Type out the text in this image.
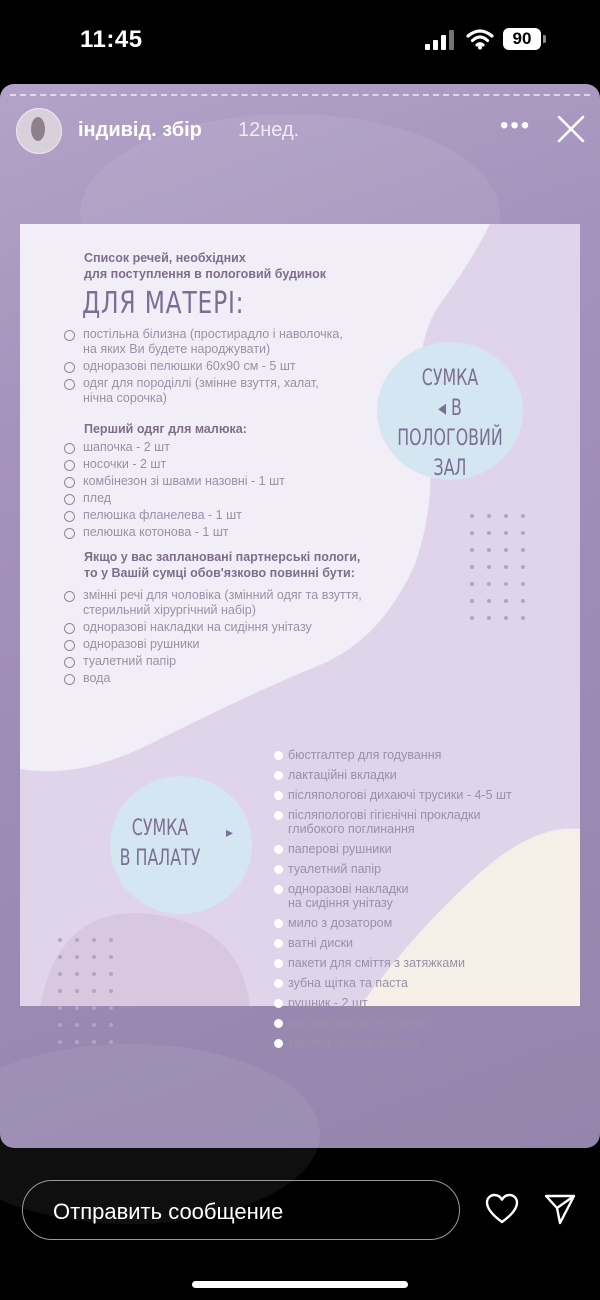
11:45	90
індивід. збір 12нед.	•••
Список речей, необхідних
для поступлення в пологовий будинок
ДЛЯ МАТЕРІ:
постільна білизна (простирадло і наволочка,
на яких Ви будете народжувати)
одноразові пелюшки 60х90 см - 5 шт
одяг для породіллі (змінне взуття, халат,
нічна сорочка)
Перший одяг для малюка:
шапочка - 2 шт
носочки - 2 шт
комбінезон зі швами назовні - 1 шт
плед
пелюшка фланелева - 1 шт
пелюшка котонова - 1 шт
Якщо у вас заплановані партнерські пологи,
то у Вашій сумці обов'язково повинні бути:
змінні речі для чоловіка (змінний одяг та взуття,
стерильний хірургічний набір)
одноразові накладки на сидіння унітазу
одноразові рушники
туалетний папір
вода
СУМКА
◂ В ПОЛОГОВИЙ
ЗАЛ
СУМКА
В ПАЛАТУ
▸
бюстгалтер для годування
лактаційні вкладки
післяпологові дихаючі трусики - 4-5 шт
післяпологові гігієнічні прокладки
глибокого поглинання
паперові рушники
туалетний папір
одноразові накладки
на сидіння унітазу
мило з дозатором
ватні диски
пакети для сміття з затяжками
зубна щітка та паста
рушник - 2 шт
засоби особистої гігієни
тарілка, ложка, кружка
Отправить сообщение
